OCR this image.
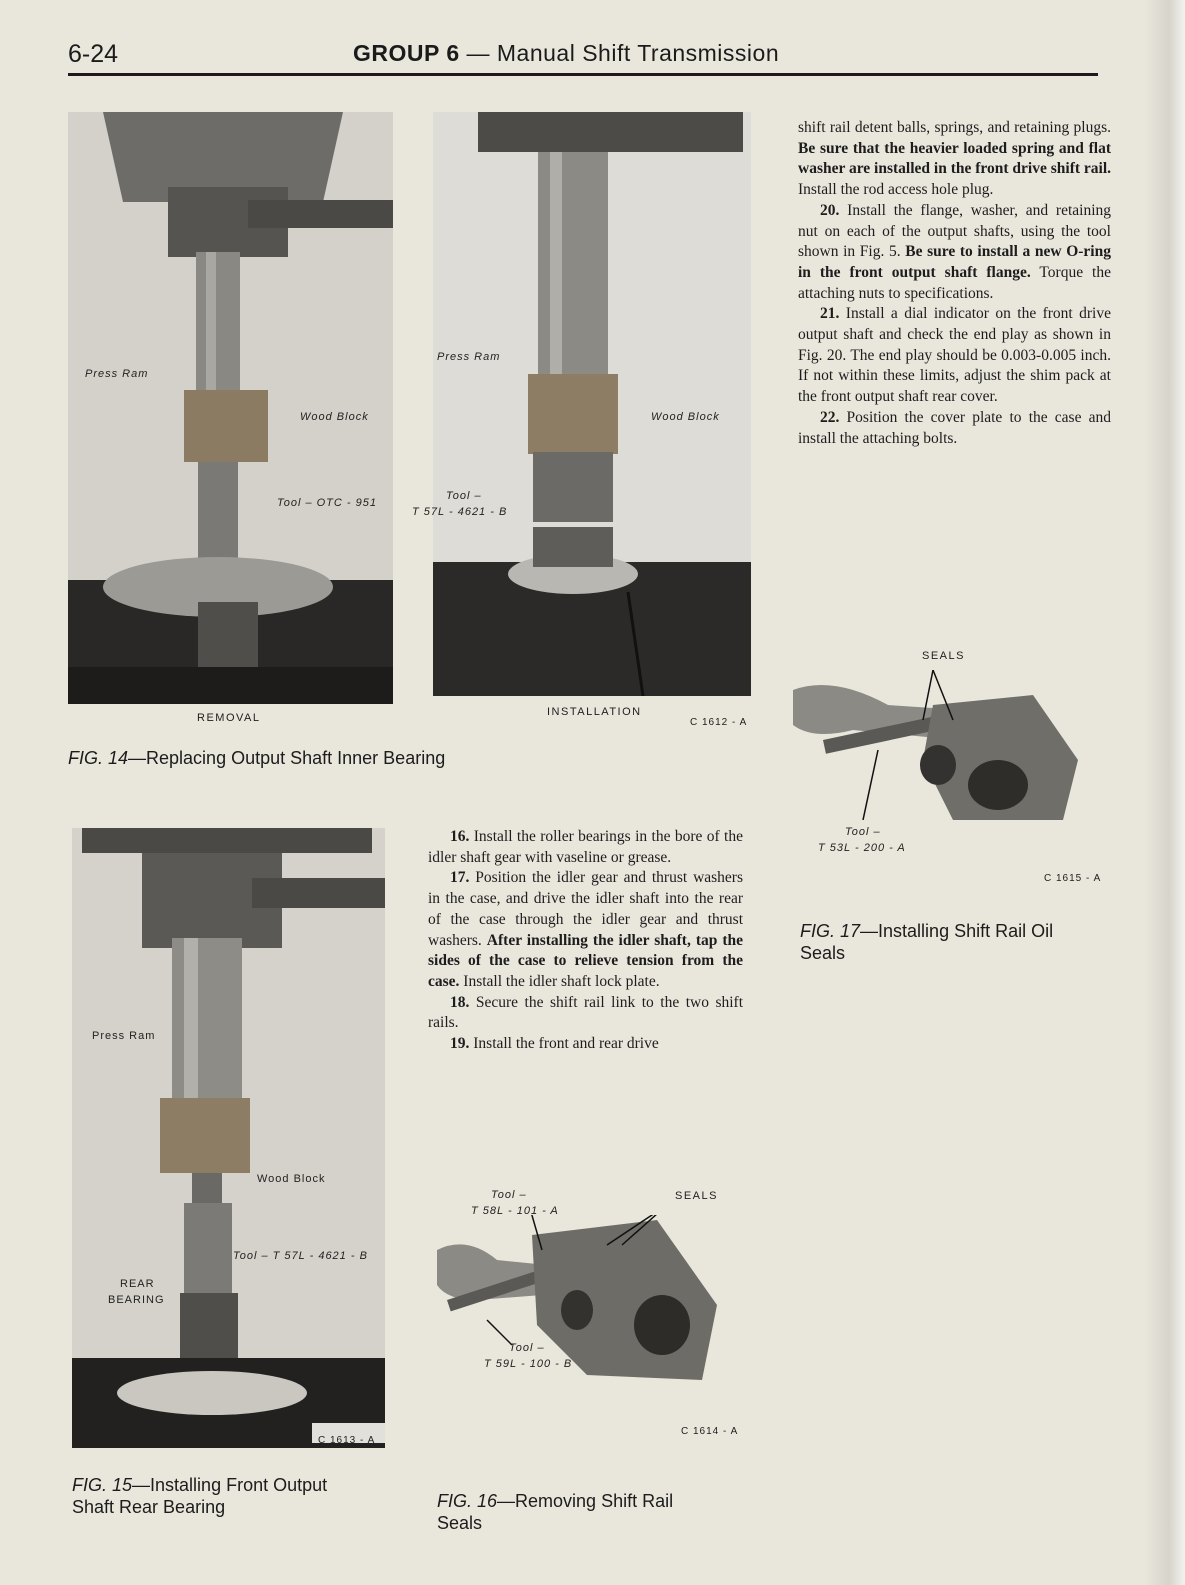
6-24	GROUP 6 — Manual Shift Transmission
Press Ram
Wood Block
Tool – OTC - 951
Press Ram
Wood Block
Tool –
T 57L - 4621 - B
REMOVAL	INSTALLATION
C 1612 - A
FIG. 14—Replacing Output Shaft Inner Bearing

shift rail detent balls, springs, and retaining plugs. Be sure that the heavier loaded spring and flat washer are installed in the front drive shift rail. Install the rod access hole plug.

20. Install the flange, washer, and retaining nut on each of the output shafts, using the tool shown in Fig. 5. Be sure to install a new O-ring in the front output shaft flange. Torque the attaching nuts to specifications.

21. Install a dial indicator on the front drive output shaft and check the end play as shown in Fig. 20. The end play should be 0.003-0.005 inch. If not within these limits, adjust the shim pack at the front output shaft rear cover.

22. Position the cover plate to the case and install the attaching bolts.

SEALS
Tool –
T 53L - 200 - A
C 1615 - A
FIG. 17—Installing Shift Rail Oil
Seals
Press Ram
Wood Block
Tool – T 57L - 4621 - B
REAR
BEARING
C 1613 - A
FIG. 15—Installing Front Output
Shaft Rear Bearing

16. Install the roller bearings in the bore of the idler shaft gear with vaseline or grease.

17. Position the idler gear and thrust washers in the case, and drive the idler shaft into the rear of the case through the idler gear and thrust washers. After installing the idler shaft, tap the sides of the case to relieve tension from the case. Install the idler shaft lock plate.

18. Secure the shift rail link to the two shift rails.

19. Install the front and rear drive

Tool –
T 58L - 101 - A
SEALS
Tool –
T 59L - 100 - B
C 1614 - A
FIG. 16—Removing Shift Rail
Seals
